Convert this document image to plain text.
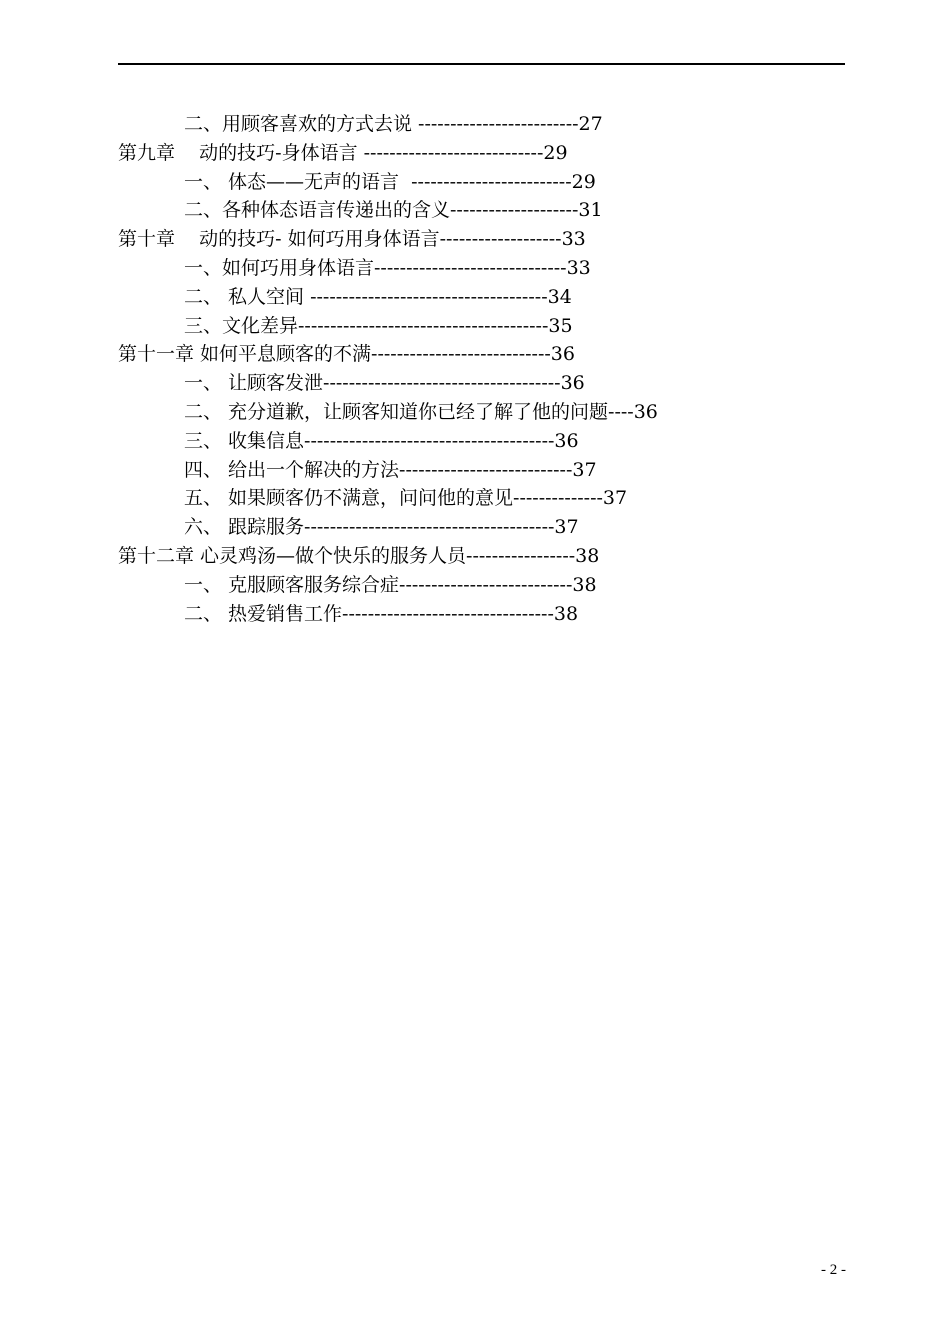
二、用顾客喜欢的方式去说 -------------------------27
第九章    动的技巧-身体语言 ----------------------------29
一、 体态——无声的语言  -------------------------29
二、各种体态语言传递出的含义--------------------31
第十章    动的技巧- 如何巧用身体语言-------------------33
一、如何巧用身体语言------------------------------33
二、 私人空间 -------------------------------------34
三、文化差异---------------------------------------35
第十一章 如何平息顾客的不满----------------------------36
一、 让顾客发泄-------------------------------------36
二、 充分道歉，让顾客知道你已经了解了他的问题----36
三、 收集信息---------------------------------------36
四、 给出一个解决的方法---------------------------37
五、 如果顾客仍不满意，问问他的意见--------------37
六、 跟踪服务---------------------------------------37
第十二章 心灵鸡汤—做个快乐的服务人员-----------------38
一、 克服顾客服务综合症---------------------------38
二、 热爱销售工作---------------------------------38
- 2 -
